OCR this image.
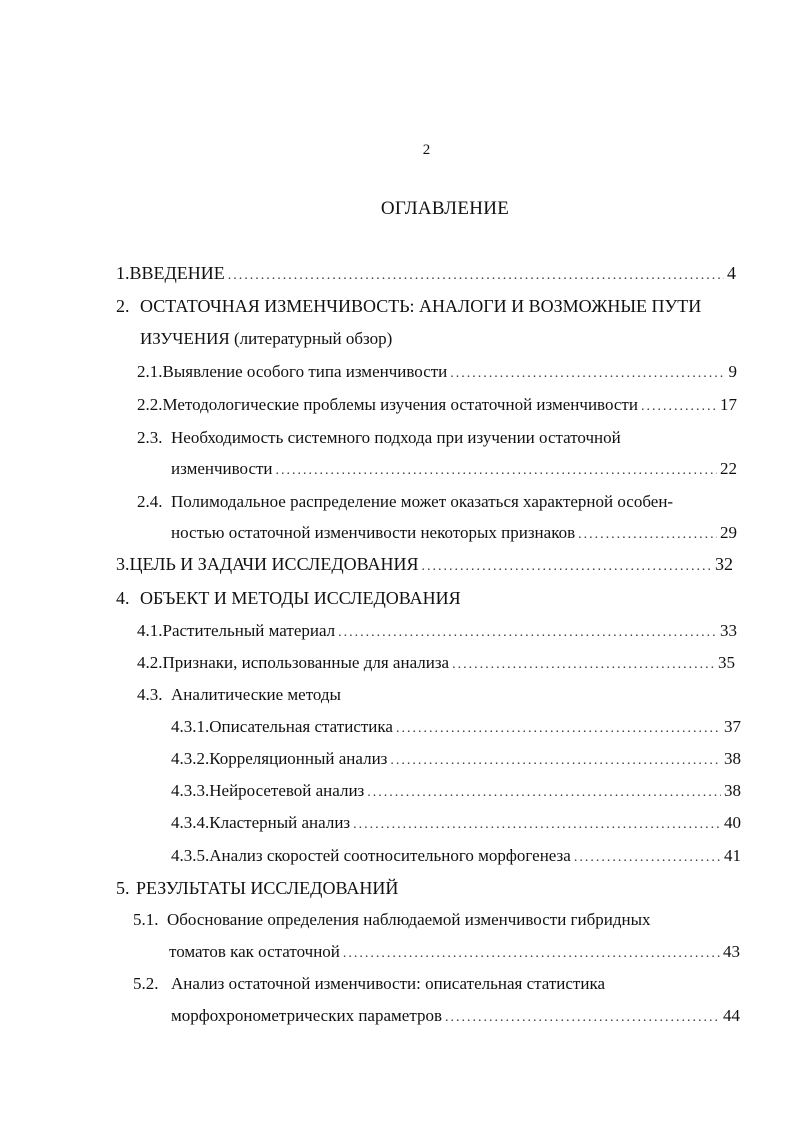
2
ОГЛАВЛЕНИЕ
1. ВВЕДЕНИЕ .....	4
2. ОСТАТОЧНАЯ ИЗМЕНЧИВОСТЬ: АНАЛОГИ И ВОЗМОЖНЫЕ ПУТИ
ИЗУЧЕНИЯ (литературный обзор)
2.1. Выявление особого типа изменчивости .....	9
2.2. Методологические проблемы изучения остаточной изменчивости .....	17
2.3. Необходимость системного подхода при изучении остаточной
изменчивости .....	22
2.4. Полимодальное распределение может оказаться характерной особен-
ностью остаточной изменчивости некоторых признаков .....	29
3. ЦЕЛЬ И ЗАДАЧИ ИССЛЕДОВАНИЯ .....	32
4. ОБЪЕКТ И МЕТОДЫ ИССЛЕДОВАНИЯ
4.1. Растительный материал .....	33
4.2. Признаки, использованные для анализа .....	35
4.3. Аналитические методы
4.3.1. Описательная статистика .....	37
4.3.2. Корреляционный анализ .....	38
4.3.3. Нейросетевой анализ .....	38
4.3.4. Кластерный анализ .....	40
4.3.5. Анализ скоростей соотносительного морфогенеза .....	41
5. РЕЗУЛЬТАТЫ ИССЛЕДОВАНИЙ
5.1. Обоснование определения наблюдаемой изменчивости гибридных
томатов как остаточной .....	43
5.2. Анализ остаточной изменчивости: описательная статистика
морфохронометрических параметров .....	44
